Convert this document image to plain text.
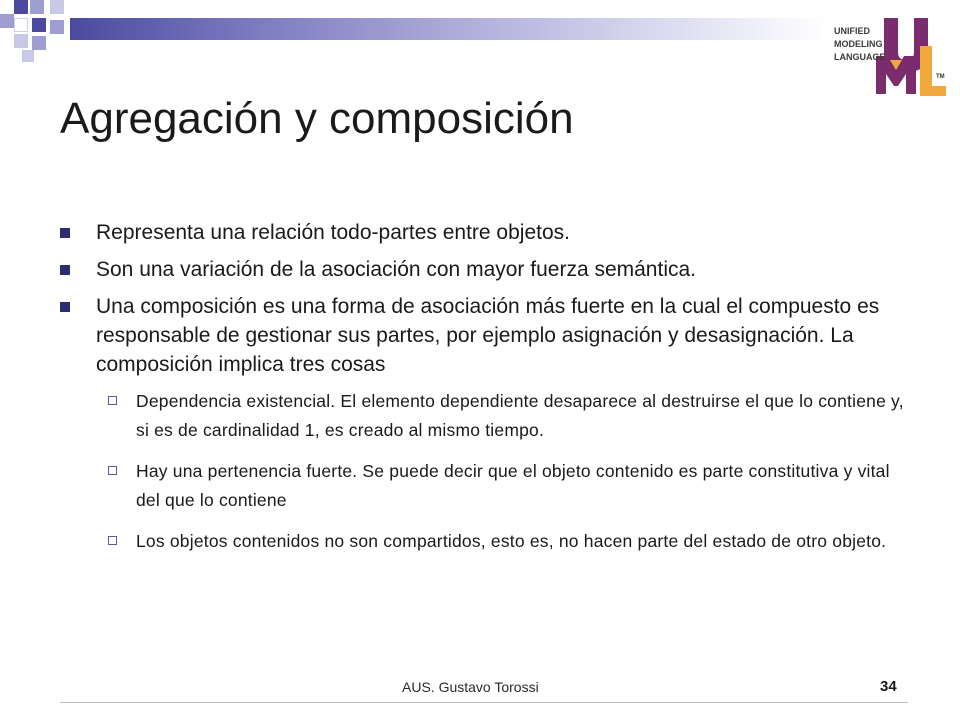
UNIFIED
MODELING
LANGUAGE
TM
Agregación y composición

Representa una relación todo-partes entre objetos.

Son una variación de la asociación con mayor fuerza semántica.

Una composición es una forma de asociación más fuerte en la cual el compuesto es responsable de gestionar sus partes, por ejemplo asignación y desasignación. La composición implica tres cosas

Dependencia existencial. El elemento dependiente desaparece al destruirse el que lo contiene y, si es de cardinalidad 1, es creado al mismo tiempo.

Hay una pertenencia fuerte. Se puede decir que el objeto contenido es parte constitutiva y vital del que lo contiene

Los objetos contenidos no son compartidos, esto es, no hacen parte del estado de otro objeto.

AUS. Gustavo Torossi	34
